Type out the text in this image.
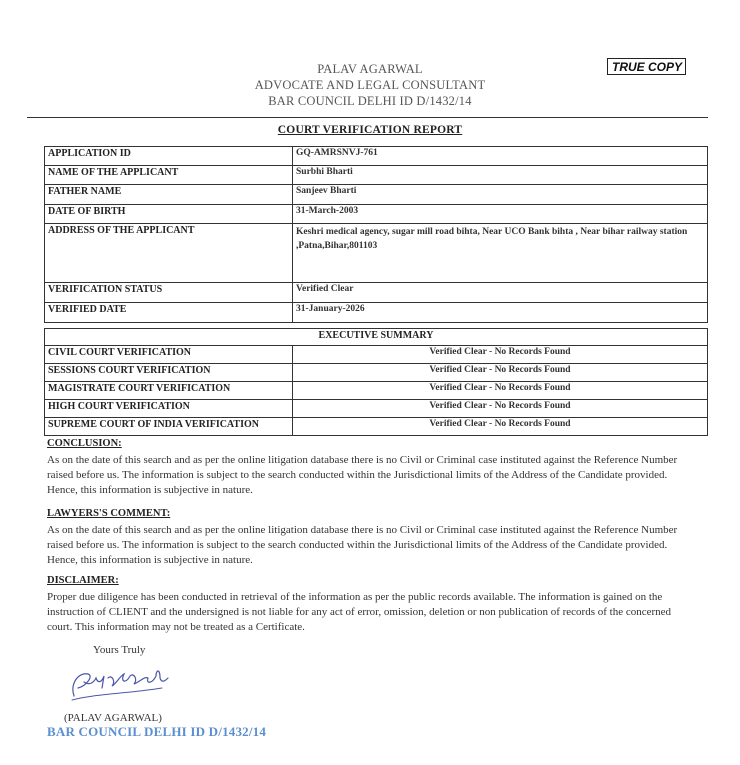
PALAV AGARWAL
ADVOCATE AND LEGAL CONSULTANT
BAR COUNCIL DELHI ID D/1432/14
TRUE COPY
COURT VERIFICATION REPORT
APPLICATION ID	GQ-AMRSNVJ-761
NAME OF THE APPLICANT	Surbhi Bharti
FATHER NAME	Sanjeev Bharti
DATE OF BIRTH	31-March-2003
ADDRESS OF THE APPLICANT	Keshri medical agency, sugar mill road bihta, Near UCO Bank bihta , Near bihar railway station ,Patna,Bihar,801103
VERIFICATION STATUS	Verified Clear
VERIFIED DATE	31-January-2026
EXECUTIVE SUMMARY	
CIVIL COURT VERIFICATION	Verified Clear - No Records Found
SESSIONS COURT VERIFICATION	Verified Clear - No Records Found
MAGISTRATE COURT VERIFICATION	Verified Clear - No Records Found
HIGH COURT VERIFICATION	Verified Clear - No Records Found
SUPREME COURT OF INDIA VERIFICATION	Verified Clear - No Records Found
CONCLUSION:
As on the date of this search and as per the online litigation database there is no Civil or Criminal case instituted against the Reference Number raised before us. The information is subject to the search conducted within the Jurisdictional limits of the Address of the Candidate provided. Hence, this information is subjective in nature.
LAWYERS'S COMMENT:
As on the date of this search and as per the online litigation database there is no Civil or Criminal case instituted against the Reference Number raised before us. The information is subject to the search conducted within the Jurisdictional limits of the Address of the Candidate provided. Hence, this information is subjective in nature.
DISCLAIMER:
Proper due diligence has been conducted in retrieval of the information as per the public records available. The information is gained on the instruction of CLIENT and the undersigned is not liable for any act of error, omission, deletion or non publication of records of the concerned court. This information may not be treated as a Certificate.
Yours Truly
(PALAV AGARWAL)
BAR COUNCIL DELHI ID D/1432/14
